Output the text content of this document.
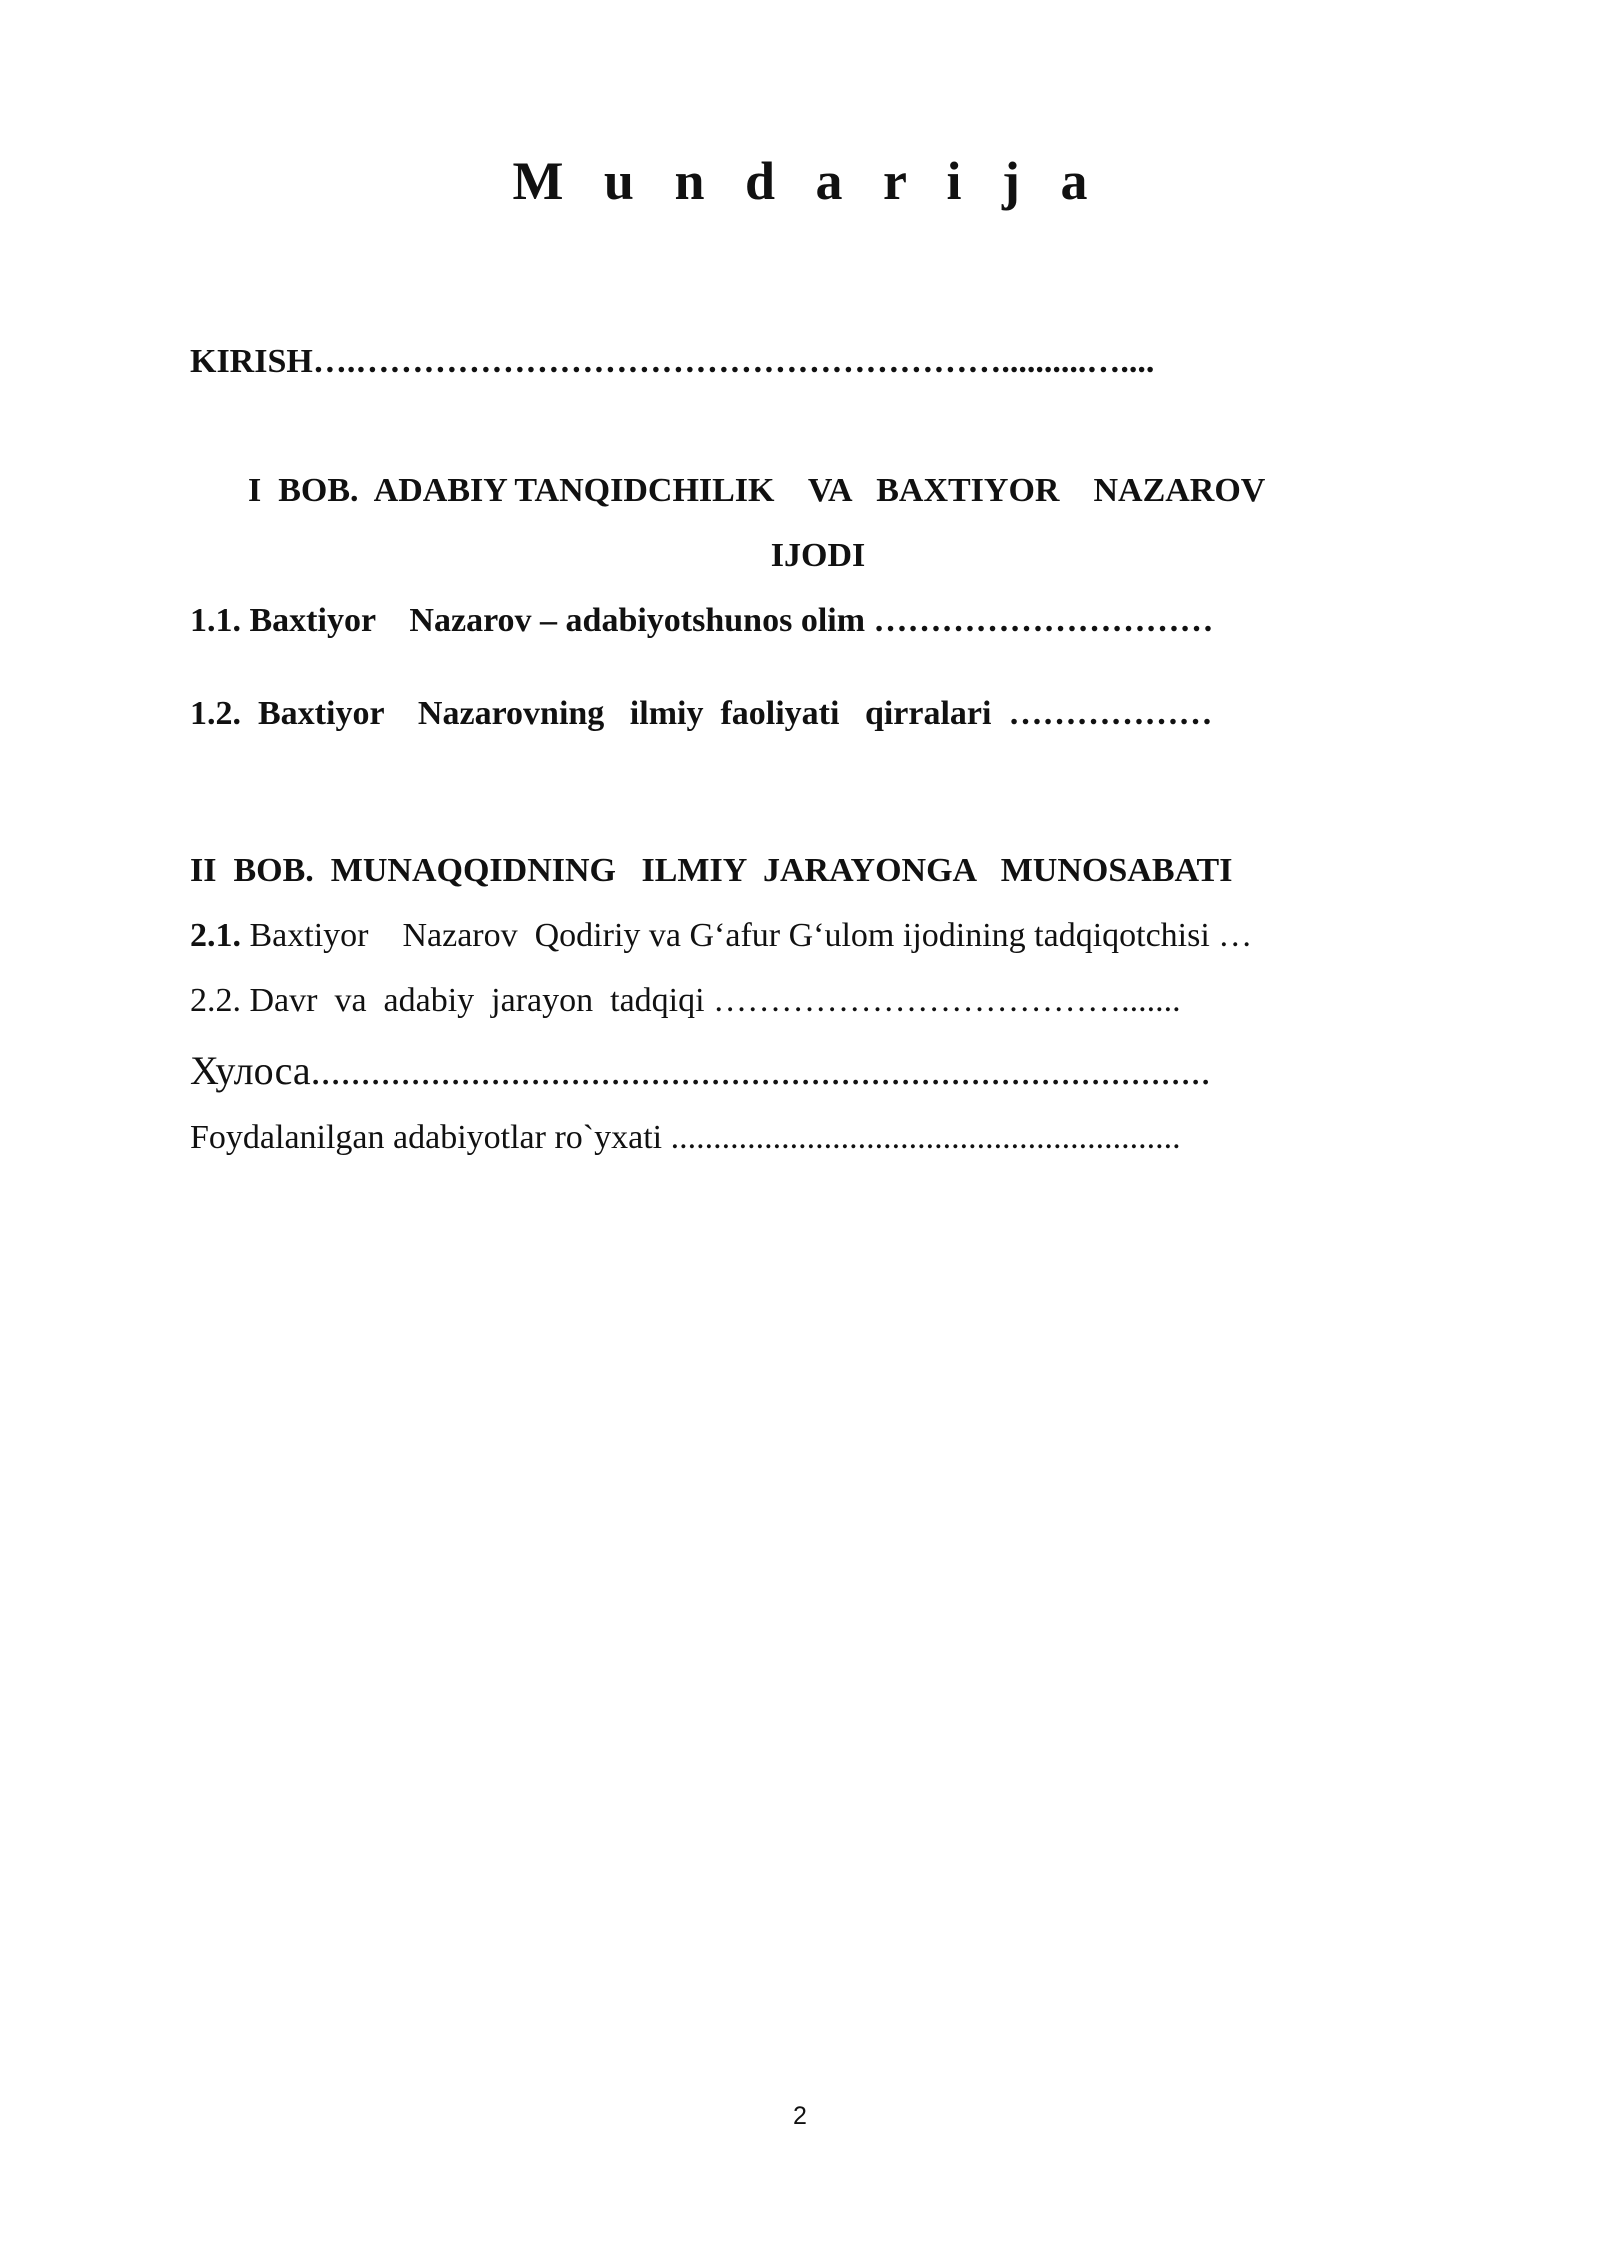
M   u   n   d   a   r   i   j   a
KIRISH….…………………………………………………..........…....
I  BOB.  ADABIY TANQIDCHILIK    VA   BAXTIYOR    NAZAROV
IJODI
1.1. Baxtiyor    Nazarov – adabiyotshunos olim …………………………
1.2.  Baxtiyor    Nazarovning   ilmiy  faoliyati   qirralari  ………………
II  BOB.  MUNAQQIDNING   ILMIY  JARAYONGA   MUNOSABATI
2.1. Baxtiyor    Nazarov  Qodiriy va G‘afur G‘ulom ijodining tadqiqotchisi …
2.2. Davr  va  adabiy  jarayon  tadqiqi ……………………………….......
Хулоса..........................................................................................
Foydalanilgan adabiyotlar ro`yxati ............................................................
2
